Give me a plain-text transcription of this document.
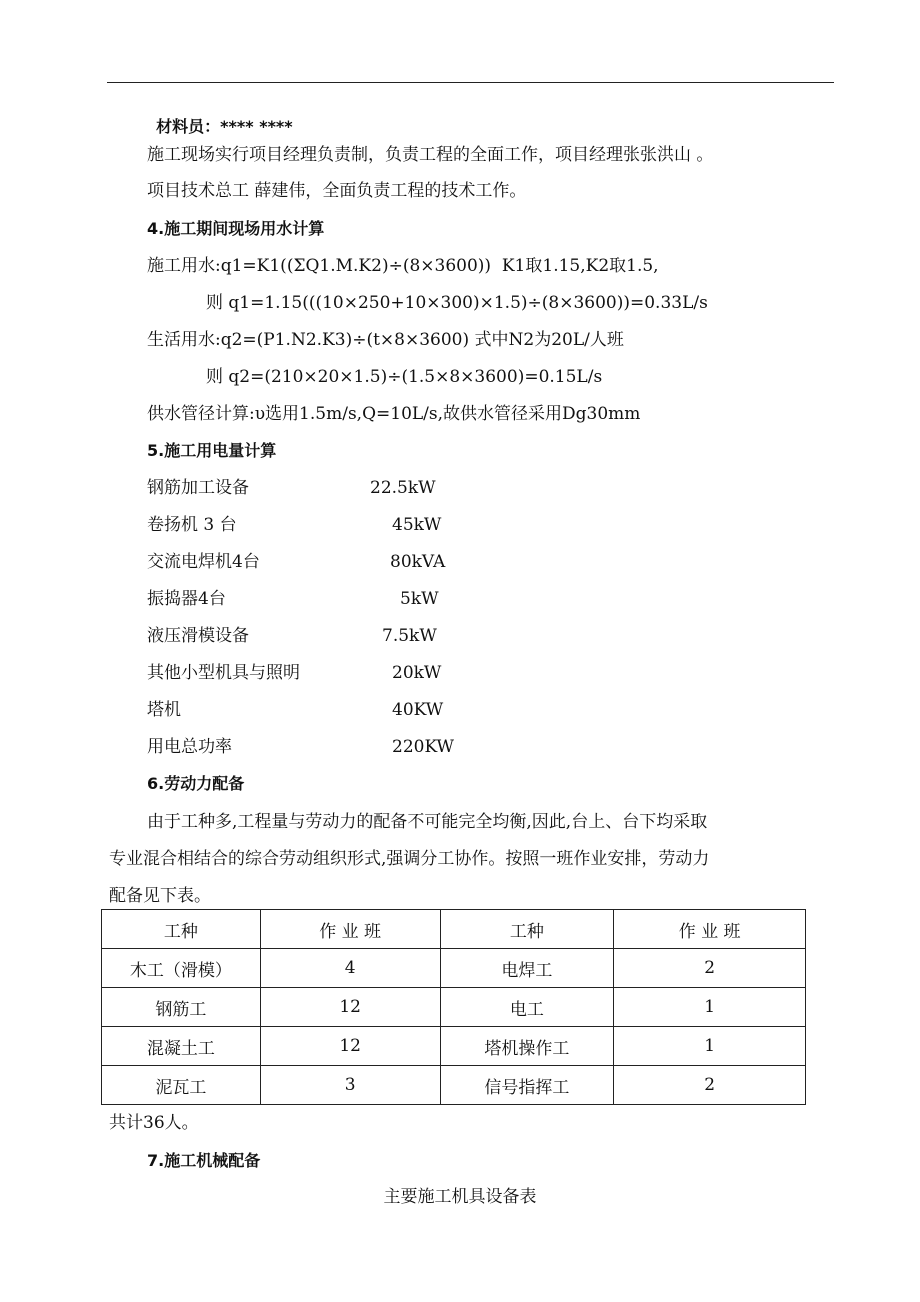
材料员：**** ****

施工现场实行项目经理负责制，负责工程的全面工作，项目经理张张洪山 。
项目技术总工 薛建伟，全面负责工程的技术工作。
4.施工期间现场用水计算
施工用水:q1=K1((ΣQ1.M.K2)÷(8×3600))  K1取1.15,K2取1.5,
则 q1=1.15(((10×250+10×300)×1.5)÷(8×3600))=0.33L/s
生活用水:q2=(P1.N2.K3)÷(t×8×3600) 式中N2为20L/人班
则 q2=(210×20×1.5)÷(1.5×8×3600)=0.15L/s
供水管径计算:υ选用1.5m/s,Q=10L/s,故供水管径采用Dg30mm
5.施工用电量计算
钢筋加工设备	22.5kW
卷扬机 3 台	45kW
交流电焊机4台	80kVA
振捣器4台	5kW
液压滑模设备	7.5kW
其他小型机具与照明	20kW
塔机	40KW
用电总功率	220KW
6.劳动力配备
由于工种多,工程量与劳动力的配备不可能完全均衡,因此,台上、台下均采取
专业混合相结合的综合劳动组织形式,强调分工协作。按照一班作业安排，劳动力
配备见下表。
工种	作 业 班	工种	作 业 班
木工（滑模）	4	电焊工	2
钢筋工	12	电工	1
混凝土工	12	塔机操作工	1
泥瓦工	3	信号指挥工	2
共计36人。
7.施工机械配备
主要施工机具设备表
